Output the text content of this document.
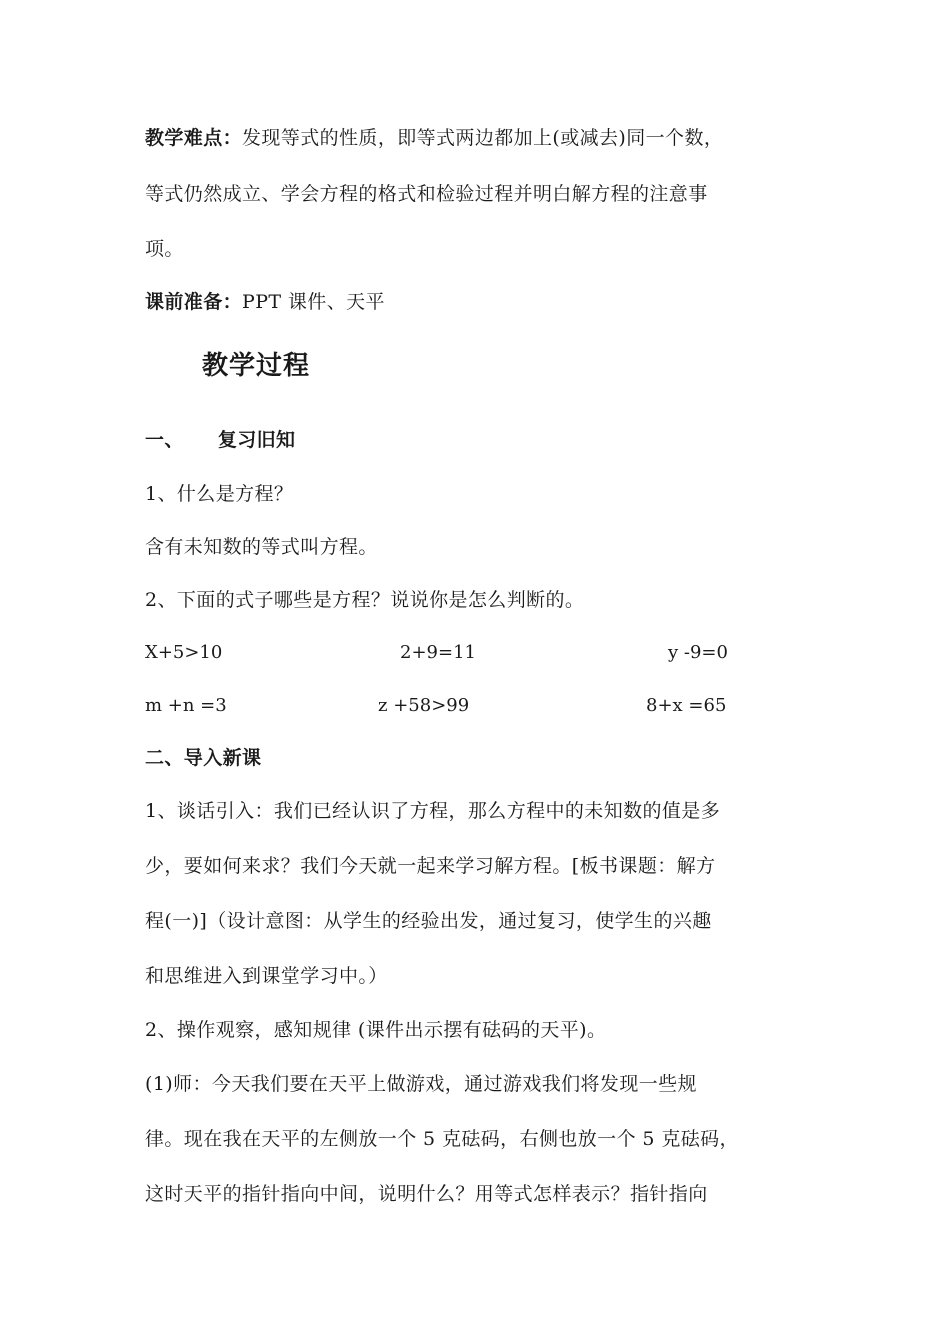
教学难点：发现等式的性质，即等式两边都加上(或减去)同一个数，
等式仍然成立、学会方程的格式和检验过程并明白解方程的注意事
项。
课前准备：PPT 课件、天平
教学过程
一、 复习旧知
1、什么是方程？
含有未知数的等式叫方程。
2、下面的式子哪些是方程？说说你是怎么判断的。
X+5>10	2+9=11	y -9=0
m +n =3	z +58>99	8+x =65
二、导入新课
1、谈话引入：我们已经认识了方程，那么方程中的未知数的值是多
少，要如何来求？我们今天就一起来学习解方程。[板书课题：解方
程(一)]（设计意图：从学生的经验出发，通过复习，使学生的兴趣
和思维进入到课堂学习中。）
2、操作观察，感知规律 (课件出示摆有砝码的天平)。
(1)师：今天我们要在天平上做游戏，通过游戏我们将发现一些规
律。现在我在天平的左侧放一个 5 克砝码，右侧也放一个 5 克砝码，
这时天平的指针指向中间，说明什么？用等式怎样表示？指针指向
